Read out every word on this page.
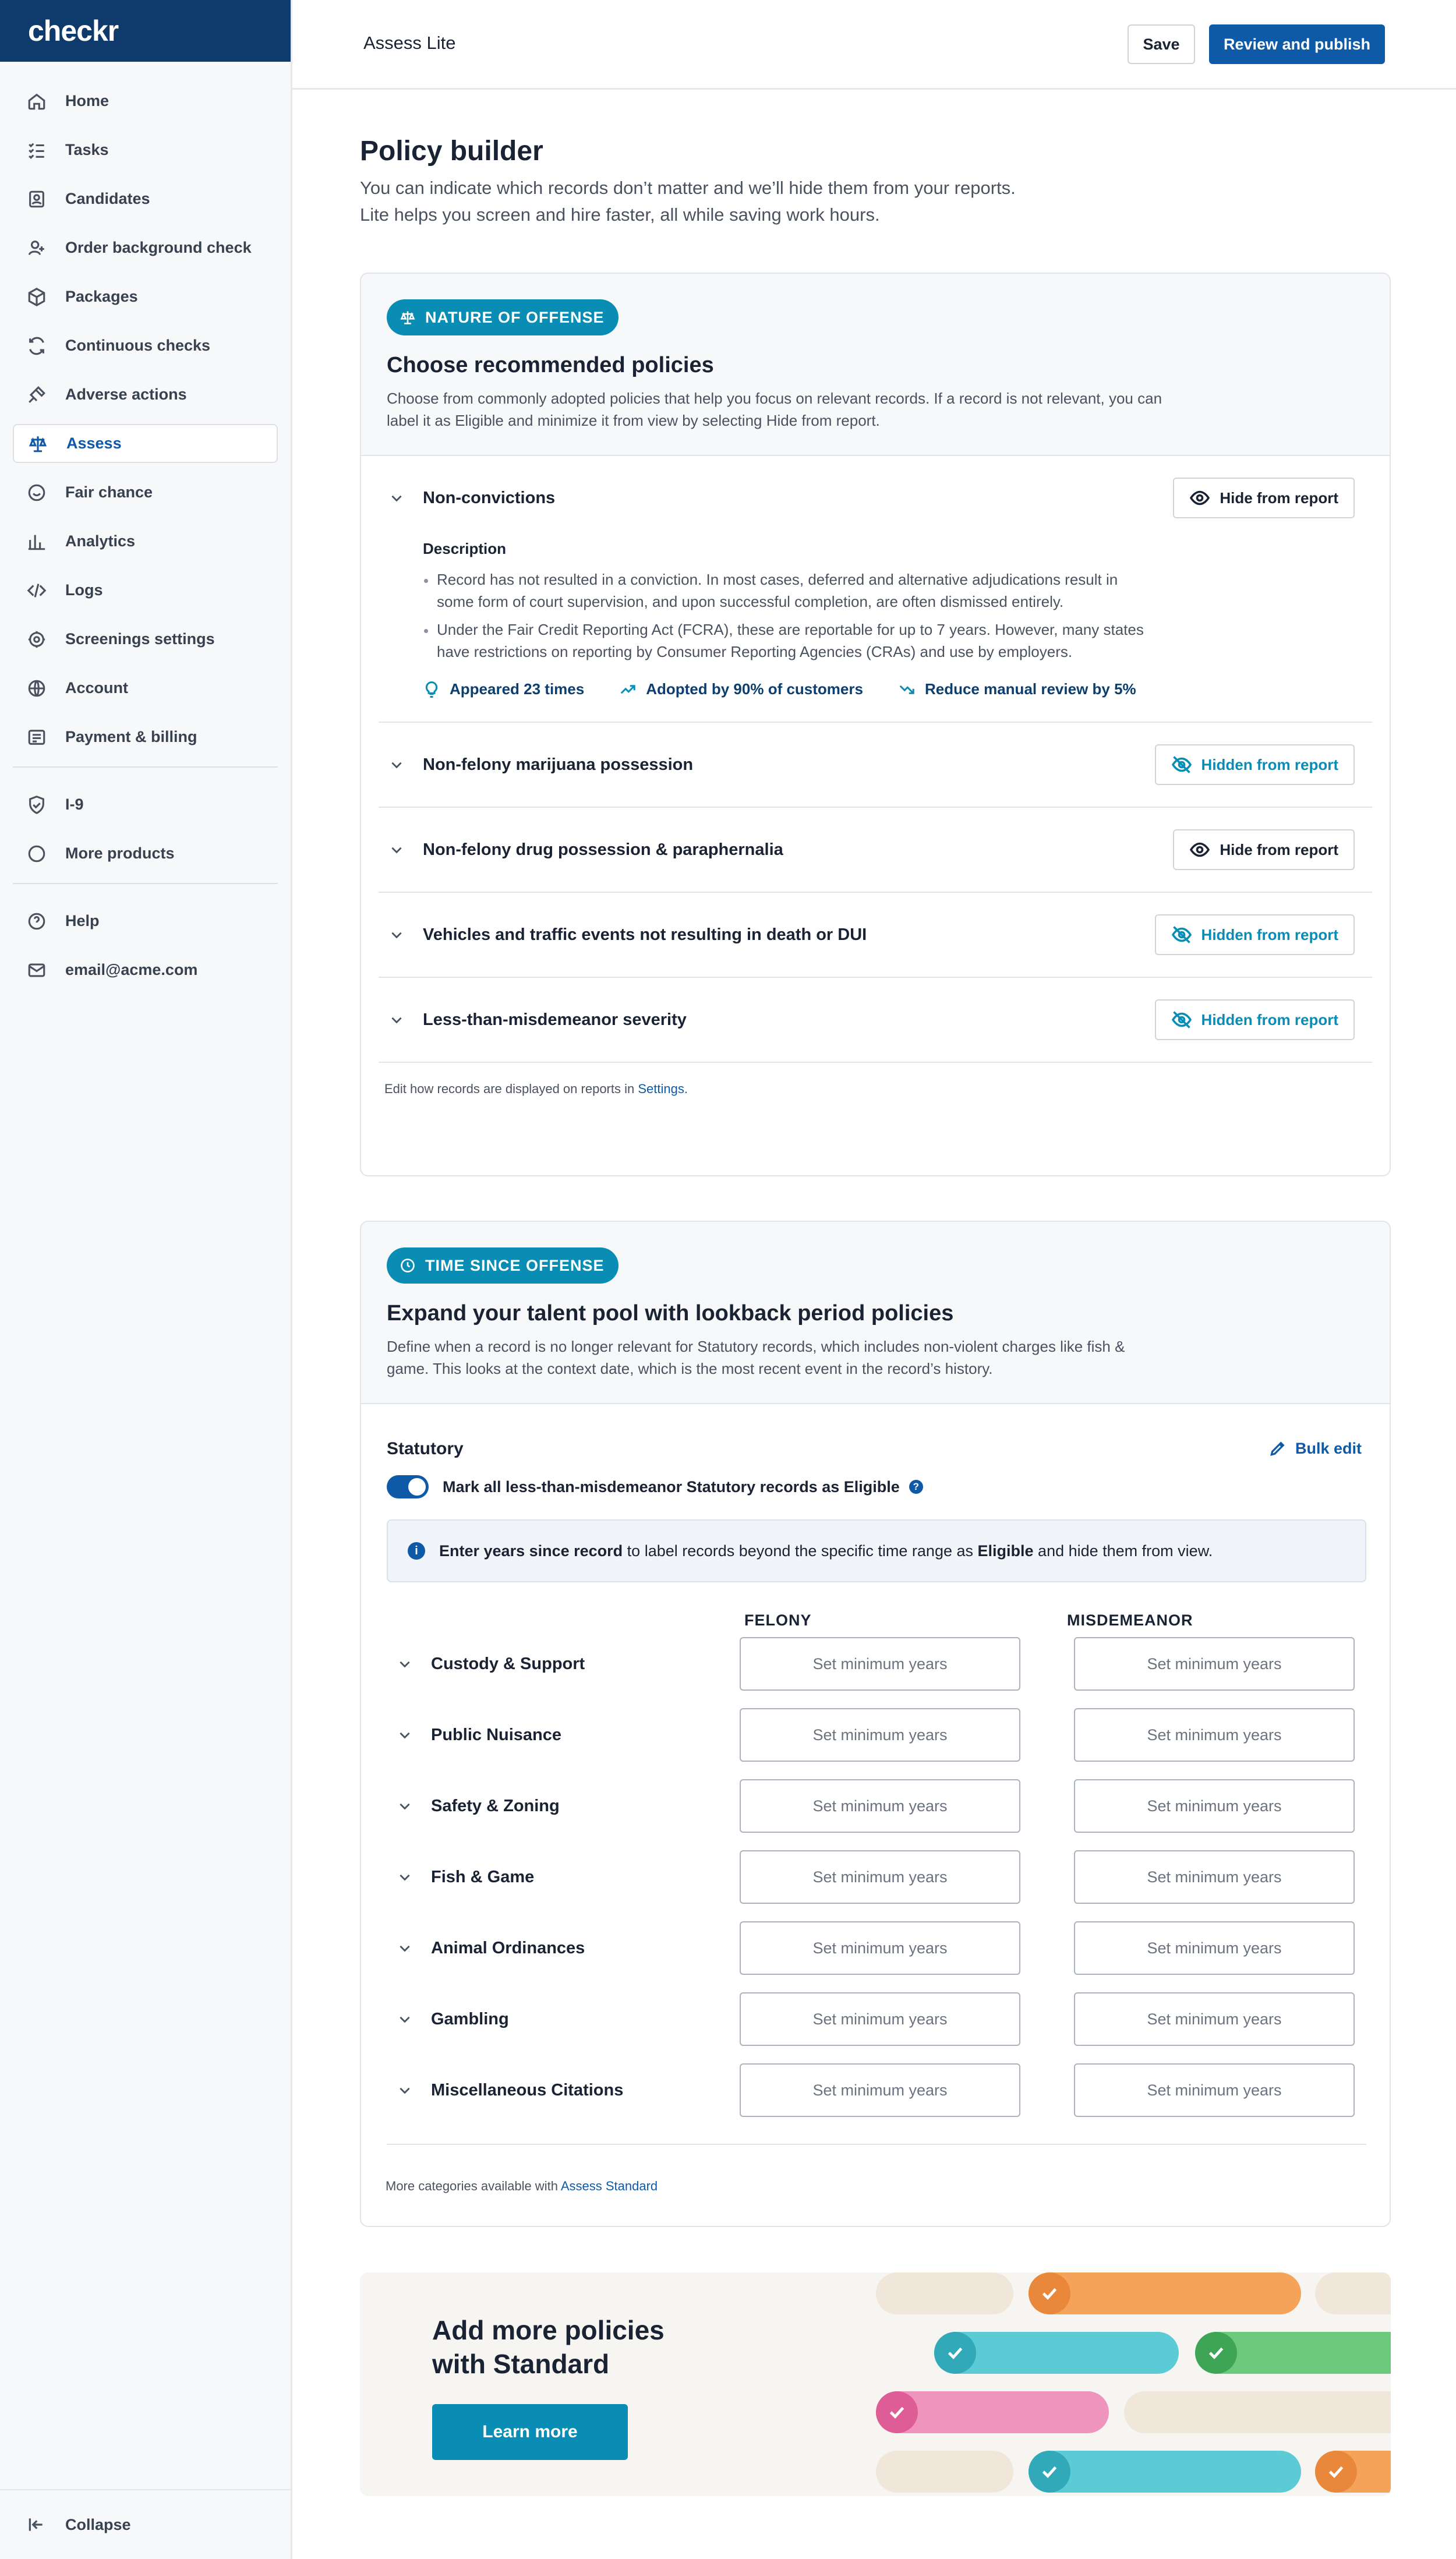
checkr
Home
Tasks
Candidates
Order background check
Packages
Continuous checks
Adverse actions
Assess
Fair chance
Analytics
Logs
Screenings settings
Account
Payment & billing
I-9
More products
Help
email@acme.com
Collapse
Assess Lite	Save	Review and publish
Policy builder
You can indicate which records don’t matter and we’ll hide them from your reports.
Lite helps you screen and hire faster, all while saving work hours.
NATURE OF OFFENSE
Choose recommended policies
Choose from commonly adopted policies that help you focus on relevant records. If a record is not relevant, you can label it as Eligible and minimize it from view by selecting Hide from report.
Non-convictions	Hide from report
Description
Record has not resulted in a conviction. In most cases, deferred and alternative adjudications result in some form of court supervision, and upon successful completion, are often dismissed entirely.
Under the Fair Credit Reporting Act (FCRA), these are reportable for up to 7 years. However, many states have restrictions on reporting by Consumer Reporting Agencies (CRAs) and use by employers.
Appeared 23 times	Adopted by 90% of customers	Reduce manual review by 5%
Non-felony marijuana possession	Hidden from report
Non-felony drug possession & paraphernalia	Hide from report
Vehicles and traffic events not resulting in death or DUI	Hidden from report
Less-than-misdemeanor severity	Hidden from report
Edit how records are displayed on reports in Settings.
TIME SINCE OFFENSE
Expand your talent pool with lookback period policies
Define when a record is no longer relevant for Statutory records, which includes non-violent charges like fish & game. This looks at the context date, which is the most recent event in the record’s history.
Statutory	Bulk edit
Mark all less-than-misdemeanor Statutory records as Eligible	?
i	Enter years since record to label records beyond the specific time range as Eligible and hide them from view.
FELONY	MISDEMEANOR
Custody & Support	Set minimum years	Set minimum years
Public Nuisance	Set minimum years	Set minimum years
Safety & Zoning	Set minimum years	Set minimum years
Fish & Game	Set minimum years	Set minimum years
Animal Ordinances	Set minimum years	Set minimum years
Gambling	Set minimum years	Set minimum years
Miscellaneous Citations	Set minimum years	Set minimum years
More categories available with Assess Standard
Add more policies
with Standard
Learn more
